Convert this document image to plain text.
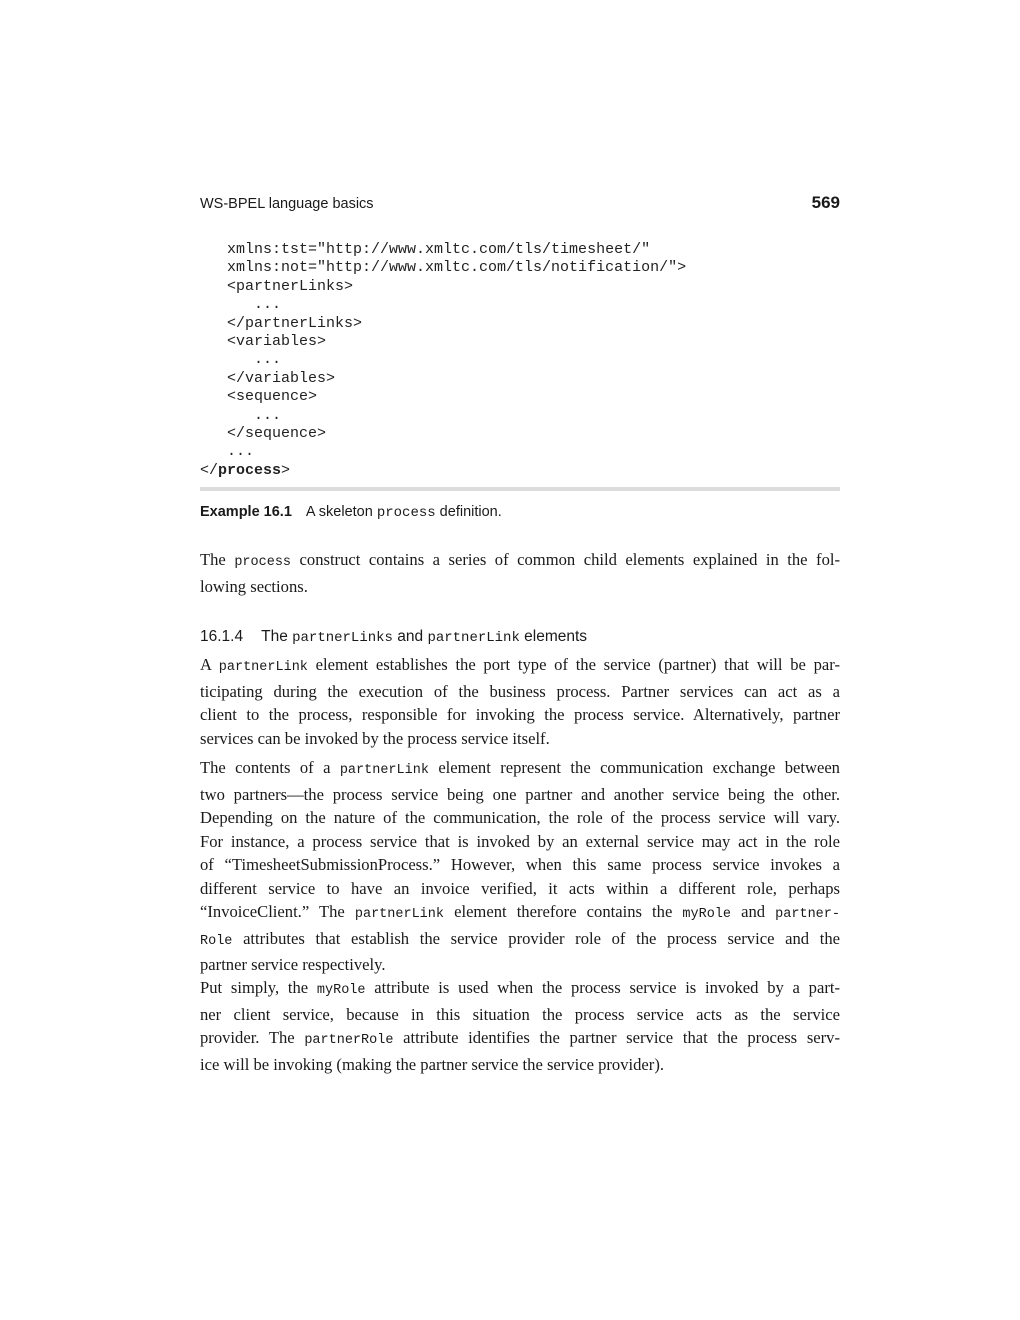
WS-BPEL language basics	569
xmlns:tst="http://www.xmltc.com/tls/timesheet/"
xmlns:not="http://www.xmltc.com/tls/notification/">
<partnerLinks>
...
</partnerLinks>
<variables>
...
</variables>
<sequence>
...
</sequence>
...
</process>
Example 16.1 A skeleton process definition.
The process construct contains a series of common child elements explained in the fol-
lowing sections.
16.1.4 The partnerLinks and partnerLink elements
A partnerLink element establishes the port type of the service (partner) that will be par-
ticipating during the execution of the business process. Partner services can act as a
client to the process, responsible for invoking the process service. Alternatively, partner
services can be invoked by the process service itself.
The contents of a partnerLink element represent the communication exchange between
two partners—the process service being one partner and another service being the other.
Depending on the nature of the communication, the role of the process service will vary.
For instance, a process service that is invoked by an external service may act in the role
of “TimesheetSubmissionProcess.” However, when this same process service invokes a
different service to have an invoice verified, it acts within a different role, perhaps
“InvoiceClient.” The partnerLink element therefore contains the myRole and partner-
Role attributes that establish the service provider role of the process service and the
partner service respectively.
Put simply, the myRole attribute is used when the process service is invoked by a part-
ner client service, because in this situation the process service acts as the service
provider. The partnerRole attribute identifies the partner service that the process serv-
ice will be invoking (making the partner service the service provider).
